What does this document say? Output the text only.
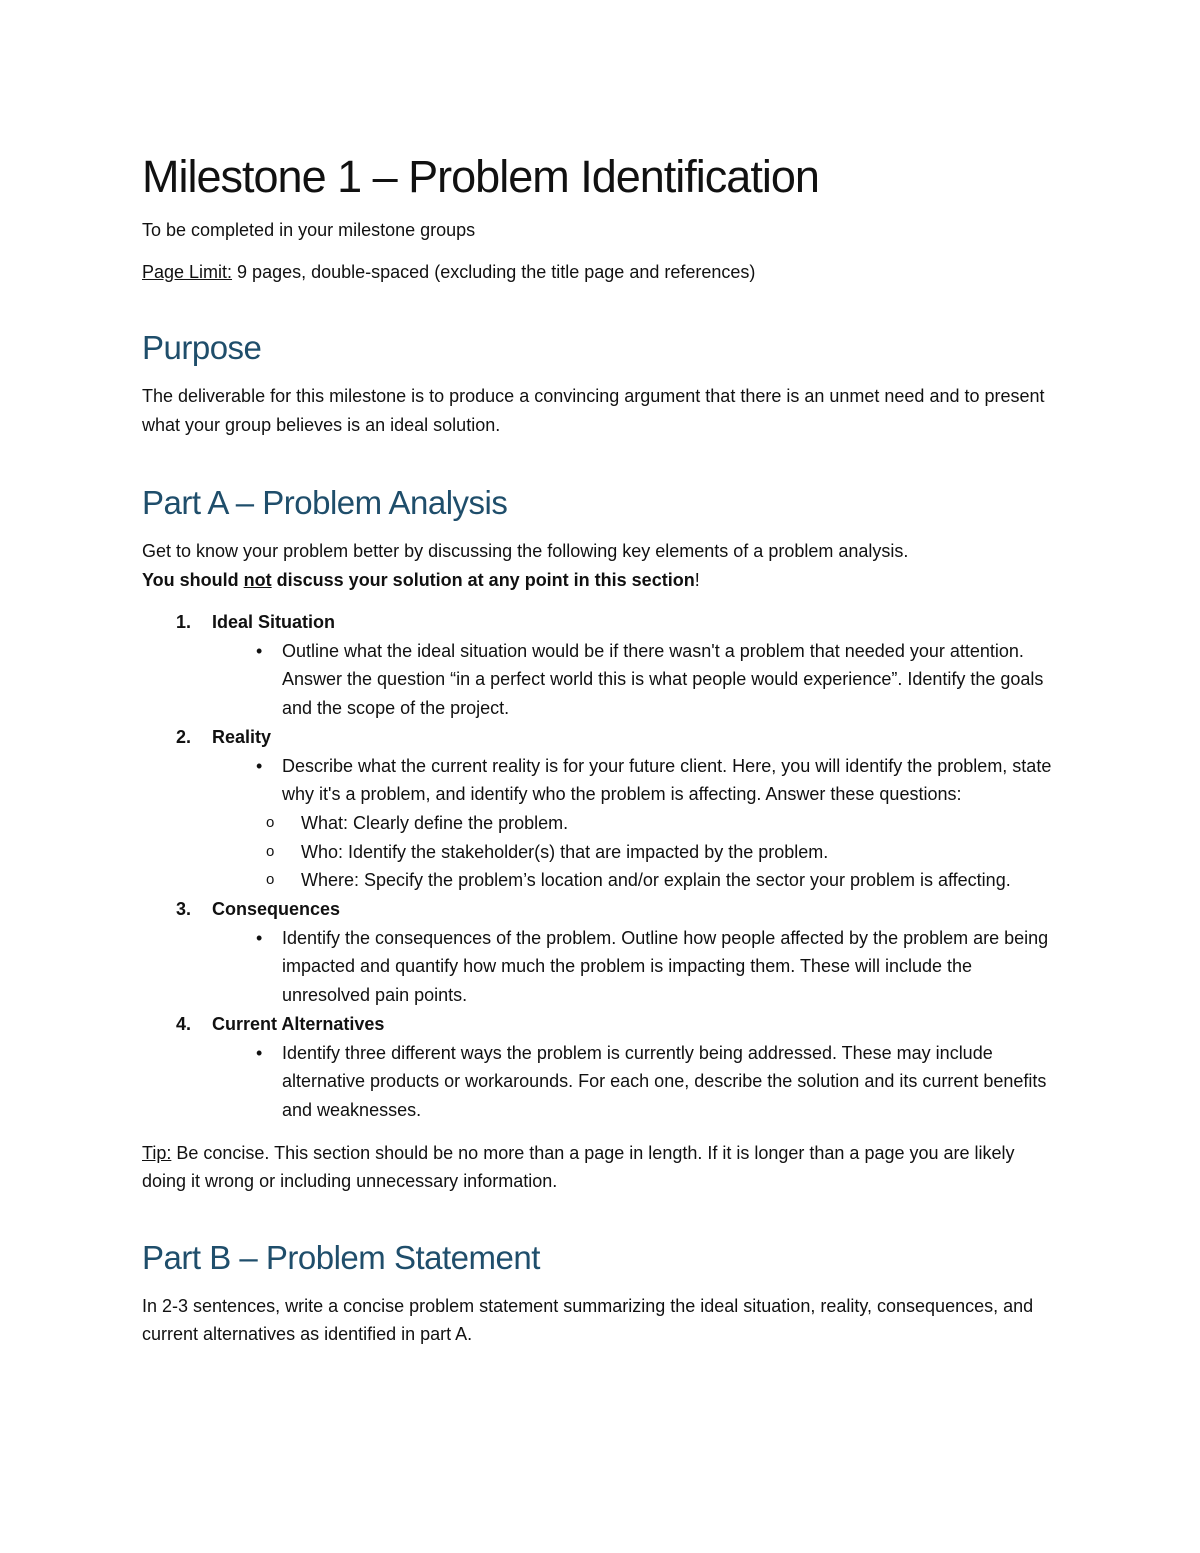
Milestone 1 – Problem Identification

To be completed in your milestone groups

Page Limit: 9 pages, double-spaced (excluding the title page and references)

Purpose

The deliverable for this milestone is to produce a convincing argument that there is an unmet need and to present what your group believes is an ideal solution.

Part A – Problem Analysis

Get to know your problem better by discussing the following key elements of a problem analysis.
You should not discuss your solution at any point in this section!

1. Ideal Situation
• Outline what the ideal situation would be if there wasn't a problem that needed your attention. Answer the question “in a perfect world this is what people would experience”. Identify the goals and the scope of the project.
2. Reality
• Describe what the current reality is for your future client. Here, you will identify the problem, state why it's a problem, and identify who the problem is affecting. Answer these questions:
o What: Clearly define the problem.
o Who: Identify the stakeholder(s) that are impacted by the problem.
o Where: Specify the problem’s location and/or explain the sector your problem is affecting.
3. Consequences
• Identify the consequences of the problem. Outline how people affected by the problem are being impacted and quantify how much the problem is impacting them. These will include the unresolved pain points.
4. Current Alternatives
• Identify three different ways the problem is currently being addressed. These may include alternative products or workarounds. For each one, describe the solution and its current benefits and weaknesses.

Tip: Be concise. This section should be no more than a page in length. If it is longer than a page you are likely doing it wrong or including unnecessary information.

Part B – Problem Statement

In 2-3 sentences, write a concise problem statement summarizing the ideal situation, reality, consequences, and current alternatives as identified in part A.
